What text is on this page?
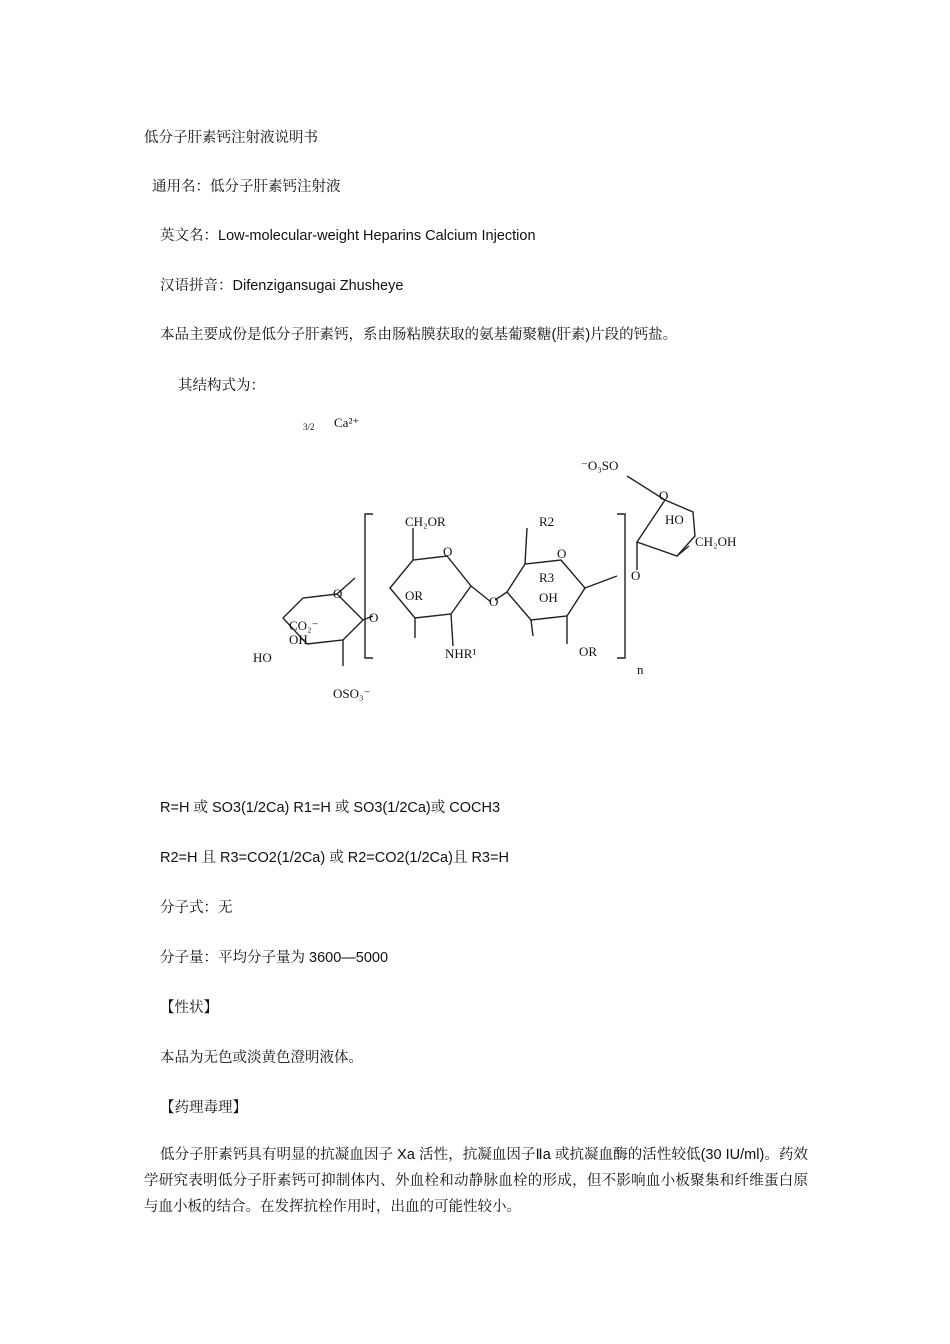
低分子肝素钙注射液说明书
通用名：低分子肝素钙注射液
英文名：Low-molecular-weight Heparins Calcium Injection
汉语拼音：Difenzigansugai Zhusheye
本品主要成份是低分子肝素钙，系由肠粘膜获取的氨基葡聚糖(肝素)片段的钙盐。
其结构式为：
3/2 Ca²⁺
⁻O₃SO
HO
CH₂OH
CH₂OR	R2
R3
OR	OH
OR
NHR¹
CO₂⁻
OH
HO
OSO₃⁻
n
O
O	O
O
O
O
O
R=H 或 SO3(1/2Ca) R1=H 或 SO3(1/2Ca)或 COCH3
R2=H 且 R3=CO2(1/2Ca) 或 R2=CO2(1/2Ca)且 R3=H
分子式：无
分子量：平均分子量为 3600—5000
【性状】
本品为无色或淡黄色澄明液体。
【药理毒理】
低分子肝素钙具有明显的抗凝血因子 Xa 活性，抗凝血因子Ⅱa 或抗凝血酶的活性较低(30 IU/ml)。药效学研究表明低分子肝素钙可抑制体内、外血栓和动静脉血栓的形成，但不影响血小板聚集和纤维蛋白原与血小板的结合。在发挥抗栓作用时，出血的可能性较小。
